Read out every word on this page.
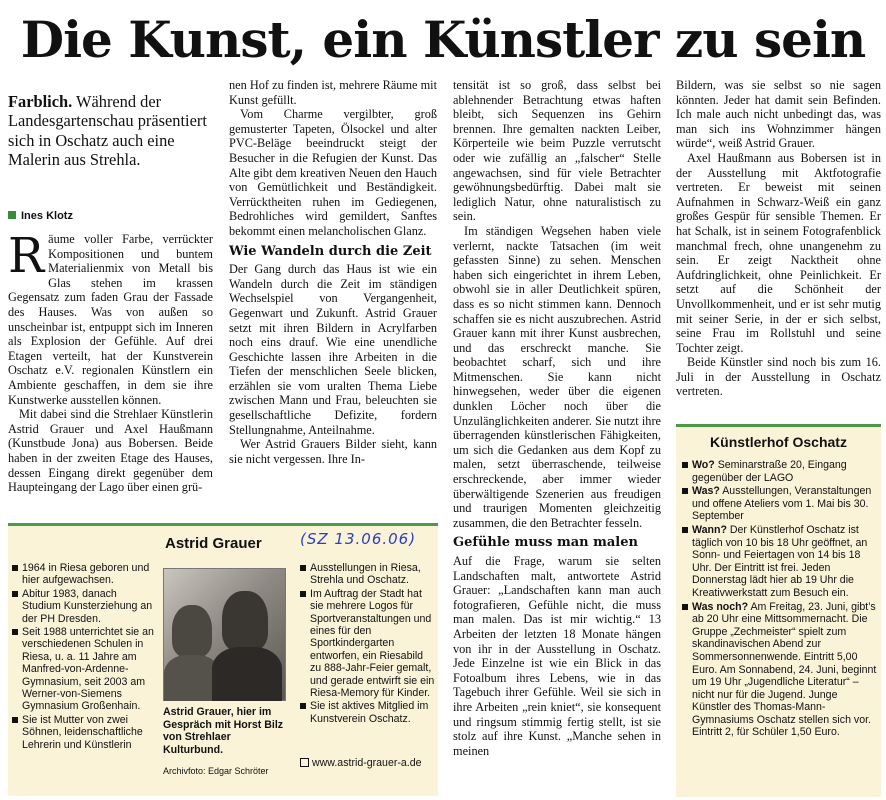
Die Kunst, ein Künstler zu sein
Farblich. Während der Landesgartenschau präsentiert sich in Oschatz auch eine Malerin aus Strehla.
Ines Klotz

Räume voller Farbe, verrückter Kompositionen und buntem Materialienmix von Metall bis Glas stehen im krassen Gegensatz zum faden Grau der Fassade des Hauses. Was von außen so unscheinbar ist, entpuppt sich im Inneren als Explosion der Gefühle. Auf drei Etagen verteilt, hat der Kunstverein Oschatz e.V. regionalen Künstlern ein Ambiente geschaffen, in dem sie ihre Kunstwerke ausstellen können.

Mit dabei sind die Strehlaer Künstlerin Astrid Grauer und Axel Haußmann (Kunstbude Jona) aus Bobersen. Beide haben in der zweiten Etage des Hauses, dessen Eingang direkt gegenüber dem Haupteingang der Lago über einen grü-

nen Hof zu finden ist, mehrere Räume mit Kunst gefüllt.

Vom Charme vergilbter, groß gemusterter Tapeten, Ölsockel und alter PVC-Beläge beeindruckt steigt der Besucher in die Refugien der Kunst. Das Alte gibt dem kreativen Neuen den Hauch von Gemütlichkeit und Beständigkeit. Verrücktheiten ruhen im Gediegenen, Bedrohliches wird gemildert, Sanftes bekommt einen melancholischen Glanz.

Wie Wandeln durch die Zeit

Der Gang durch das Haus ist wie ein Wandeln durch die Zeit im ständigen Wechselspiel von Vergangenheit, Gegenwart und Zukunft. Astrid Grauer setzt mit ihren Bildern in Acrylfarben noch eins drauf. Wie eine unendliche Geschichte lassen ihre Arbeiten in die Tiefen der menschlichen Seele blicken, erzählen sie vom uralten Thema Liebe zwischen Mann und Frau, beleuchten sie gesellschaftliche Defizite, fordern Stellungnahme, Anteilnahme.

Wer Astrid Grauers Bilder sieht, kann sie nicht vergessen. Ihre In-

tensität ist so groß, dass selbst bei ablehnender Betrachtung etwas haften bleibt, sich Sequenzen ins Gehirn brennen. Ihre gemalten nackten Leiber, Körperteile wie beim Puzzle verrutscht oder wie zufällig an „falscher“ Stelle angewachsen, sind für viele Betrachter gewöhnungsbedürftig. Dabei malt sie lediglich Natur, ohne naturalistisch zu sein.

Im ständigen Wegsehen haben viele verlernt, nackte Tatsachen (im weit gefassten Sinne) zu sehen. Menschen haben sich eingerichtet in ihrem Leben, obwohl sie in aller Deutlichkeit spüren, dass es so nicht stimmen kann. Dennoch schaffen sie es nicht auszubrechen. Astrid Grauer kann mit ihrer Kunst ausbrechen, und das erschreckt manche. Sie beobachtet scharf, sich und ihre Mitmenschen. Sie kann nicht hinwegsehen, weder über die eigenen dunklen Löcher noch über die Unzulänglichkeiten anderer. Sie nutzt ihre überragenden künstlerischen Fähigkeiten, um sich die Gedanken aus dem Kopf zu malen, setzt überraschende, teilweise erschreckende, aber immer wieder überwältigende Szenerien aus freudigen und traurigen Momenten gleichzeitig zusammen, die den Betrachter fesseln.

Gefühle muss man malen

Auf die Frage, warum sie selten Landschaften malt, antwortete Astrid Grauer: „Landschaften kann man auch fotografieren, Gefühle nicht, die muss man malen. Das ist mir wichtig.“ 13 Arbeiten der letzten 18 Monate hängen von ihr in der Ausstellung in Oschatz. Jede Einzelne ist wie ein Blick in das Fotoalbum ihres Lebens, wie in das Tagebuch ihrer Gefühle. Weil sie sich in ihre Arbeiten „rein kniet“, sie konsequent und ringsum stimmig fertig stellt, ist sie stolz auf ihre Kunst. „Manche sehen in meinen

Bildern, was sie selbst so nie sagen könnten. Jeder hat damit sein Befinden. Ich male auch nicht unbedingt das, was man sich ins Wohnzimmer hängen würde“, weiß Astrid Grauer.

Axel Haußmann aus Bobersen ist in der Ausstellung mit Aktfotografie vertreten. Er beweist mit seinen Aufnahmen in Schwarz-Weiß ein ganz großes Gespür für sensible Themen. Er hat Schalk, ist in seinem Fotografenblick manchmal frech, ohne unangenehm zu sein. Er zeigt Nacktheit ohne Aufdringlichkeit, ohne Peinlichkeit. Er setzt auf die Schönheit der Unvollkommenheit, und er ist sehr mutig mit seiner Serie, in der er sich selbst, seine Frau im Rollstuhl und seine Tochter zeigt.

Beide Künstler sind noch bis zum 16. Juli in der Ausstellung in Oschatz vertreten.

Astrid Grauer	(SZ 13.06.06)
1964 in Riesa geboren und hier aufgewachsen.
Abitur 1983, danach Studium Kunsterziehung an der PH Dresden.
Seit 1988 unterrichtet sie an verschiedenen Schulen in Riesa, u. a. 11 Jahre am Manfred-von-Ardenne-Gymnasium, seit 2003 am Werner-von-Siemens Gymnasium Großenhain.
Sie ist Mutter von zwei Söhnen, leidenschaftliche Lehrerin und Künstlerin
Astrid Grauer, hier im Gespräch mit Horst Bilz von Strehlaer Kulturbund.
Archivfoto: Edgar Schröter
Ausstellungen in Riesa, Strehla und Oschatz.
Im Auftrag der Stadt hat sie mehrere Logos für Sportveranstaltungen und eines für den Sportkindergarten entworfen, ein Riesabild zu 888-Jahr-Feier gemalt, und gerade entwirft sie ein Riesa-Memory für Kinder.
Sie ist aktives Mitglied im Kunstverein Oschatz.
www.astrid-grauer-a.de
Künstlerhof Oschatz
Wo? Seminarstraße 20, Eingang gegenüber der LAGO
Was? Ausstellungen, Veranstaltungen und offene Ateliers vom 1. Mai bis 30. September
Wann? Der Künstlerhof Oschatz ist täglich von 10 bis 18 Uhr geöffnet, an Sonn- und Feiertagen von 14 bis 18 Uhr. Der Eintritt ist frei. Jeden Donnerstag lädt hier ab 19 Uhr die Kreativwerkstatt zum Besuch ein.
Was noch? Am Freitag, 23. Juni, gibt’s ab 20 Uhr eine Mittsommernacht. Die Gruppe „Zechmeister“ spielt zum skandinavischen Abend zur Sommersonnenwende. Eintritt 5,00 Euro. Am Sonnabend, 24. Juni, beginnt um 19 Uhr „Jugendliche Literatur“ – nicht nur für die Jugend. Junge Künstler des Thomas-Mann-Gymnasiums Oschatz stellen sich vor. Eintritt 2, für Schüler 1,50 Euro.
